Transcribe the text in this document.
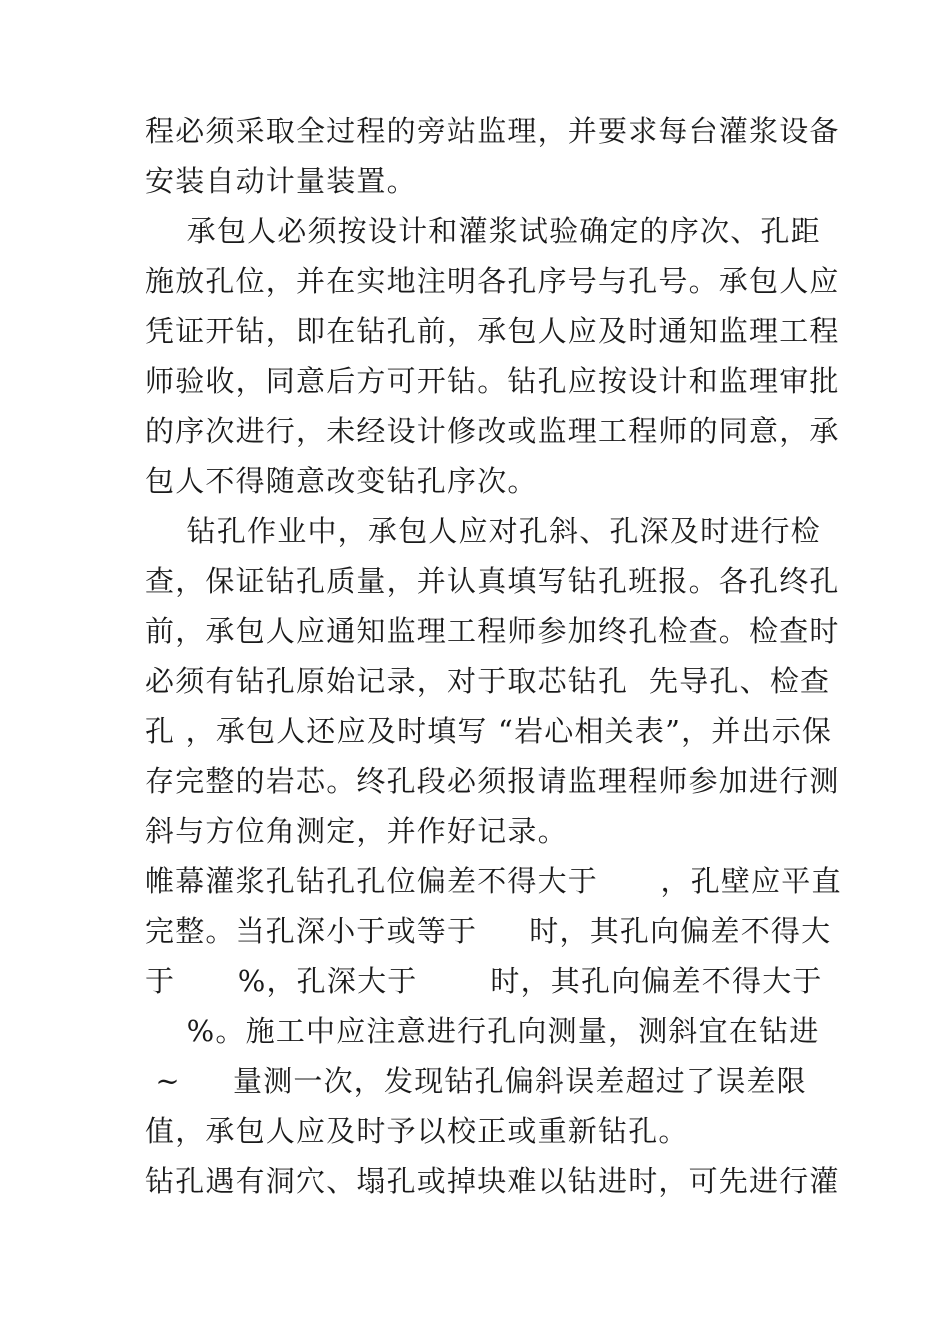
程必须采取全过程的旁站监理，并要求每台灌浆设备
安装自动计量装置。
承包人必须按设计和灌浆试验确定的序次、孔距
施放孔位，并在实地注明各孔序号与孔号。承包人应
凭证开钻，即在钻孔前，承包人应及时通知监理工程
师验收，同意后方可开钻。钻孔应按设计和监理审批
的序次进行，未经设计修改或监理工程师的同意，承
包人不得随意改变钻孔序次。
钻孔作业中，承包人应对孔斜、孔深及时进行检
查，保证钻孔质量，并认真填写钻孔班报。各孔终孔
前，承包人应通知监理工程师参加终孔检查。检查时
必须有钻孔原始记录，对于取芯钻孔  先导孔、检查
孔 ，承包人还应及时填写 “岩心相关表”，并出示保
存完整的岩芯。终孔段必须报请监理程师参加进行测
斜与方位角测定，并作好记录。
帷幕灌浆孔钻孔孔位偏差不得大于      ，孔壁应平直
完整。当孔深小于或等于     时，其孔向偏差不得大
于      %，孔深大于       时，其孔向偏差不得大于
%。施工中应注意进行孔向测量，测斜宜在钻进
~     量测一次，发现钻孔偏斜误差超过了误差限
值，承包人应及时予以校正或重新钻孔。
钻孔遇有洞穴、塌孔或掉块难以钻进时，可先进行灌
